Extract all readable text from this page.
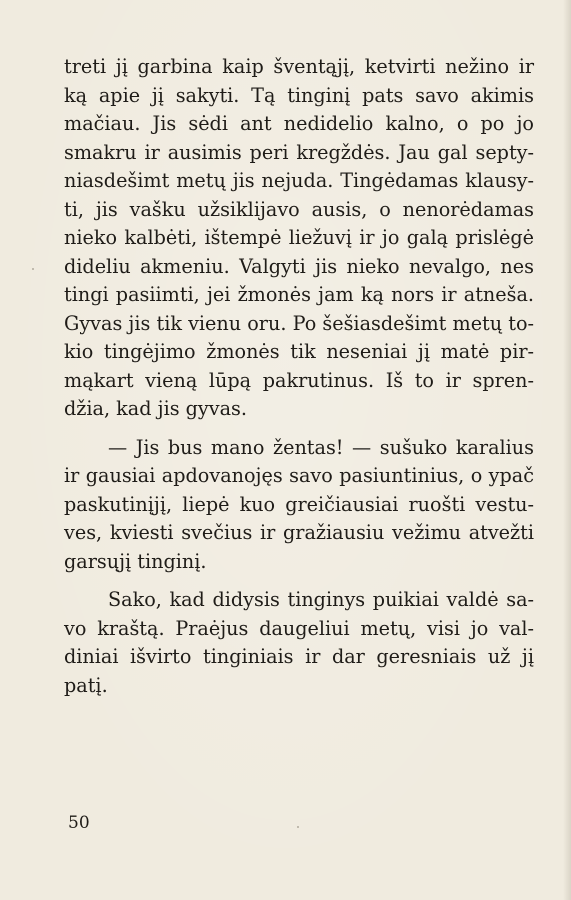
treti jį garbina kaip šventąjį, ketvirti nežino ir
ką apie jį sakyti. Tą tinginį pats savo akimis
mačiau. Jis sėdi ant nedidelio kalno, o po jo
smakru ir ausimis peri kregždės. Jau gal septy-
niasdešimt metų jis nejuda. Tingėdamas klausy-
ti, jis vašku užsiklijavo ausis, o nenorėdamas
nieko kalbėti, ištempė liežuvį ir jo galą prislėgė
dideliu akmeniu. Valgyti jis nieko nevalgo, nes
tingi pasiimti, jei žmonės jam ką nors ir atneša.
Gyvas jis tik vienu oru. Po šešiasdešimt metų to-
kio tingėjimo žmonės tik neseniai jį matė pir-
mąkart vieną lūpą pakrutinus. Iš to ir spren-
džia, kad jis gyvas.
— Jis bus mano žentas! — sušuko karalius
ir gausiai apdovanojęs savo pasiuntinius, o ypač
paskutinįjį, liepė kuo greičiausiai ruošti vestu-
ves, kviesti svečius ir gražiausiu vežimu atvežti
garsųjį tinginį.
Sako, kad didysis tinginys puikiai valdė sa-
vo kraštą. Praėjus daugeliui metų, visi jo val-
diniai išvirto tinginiais ir dar geresniais už jį
patį.
50
